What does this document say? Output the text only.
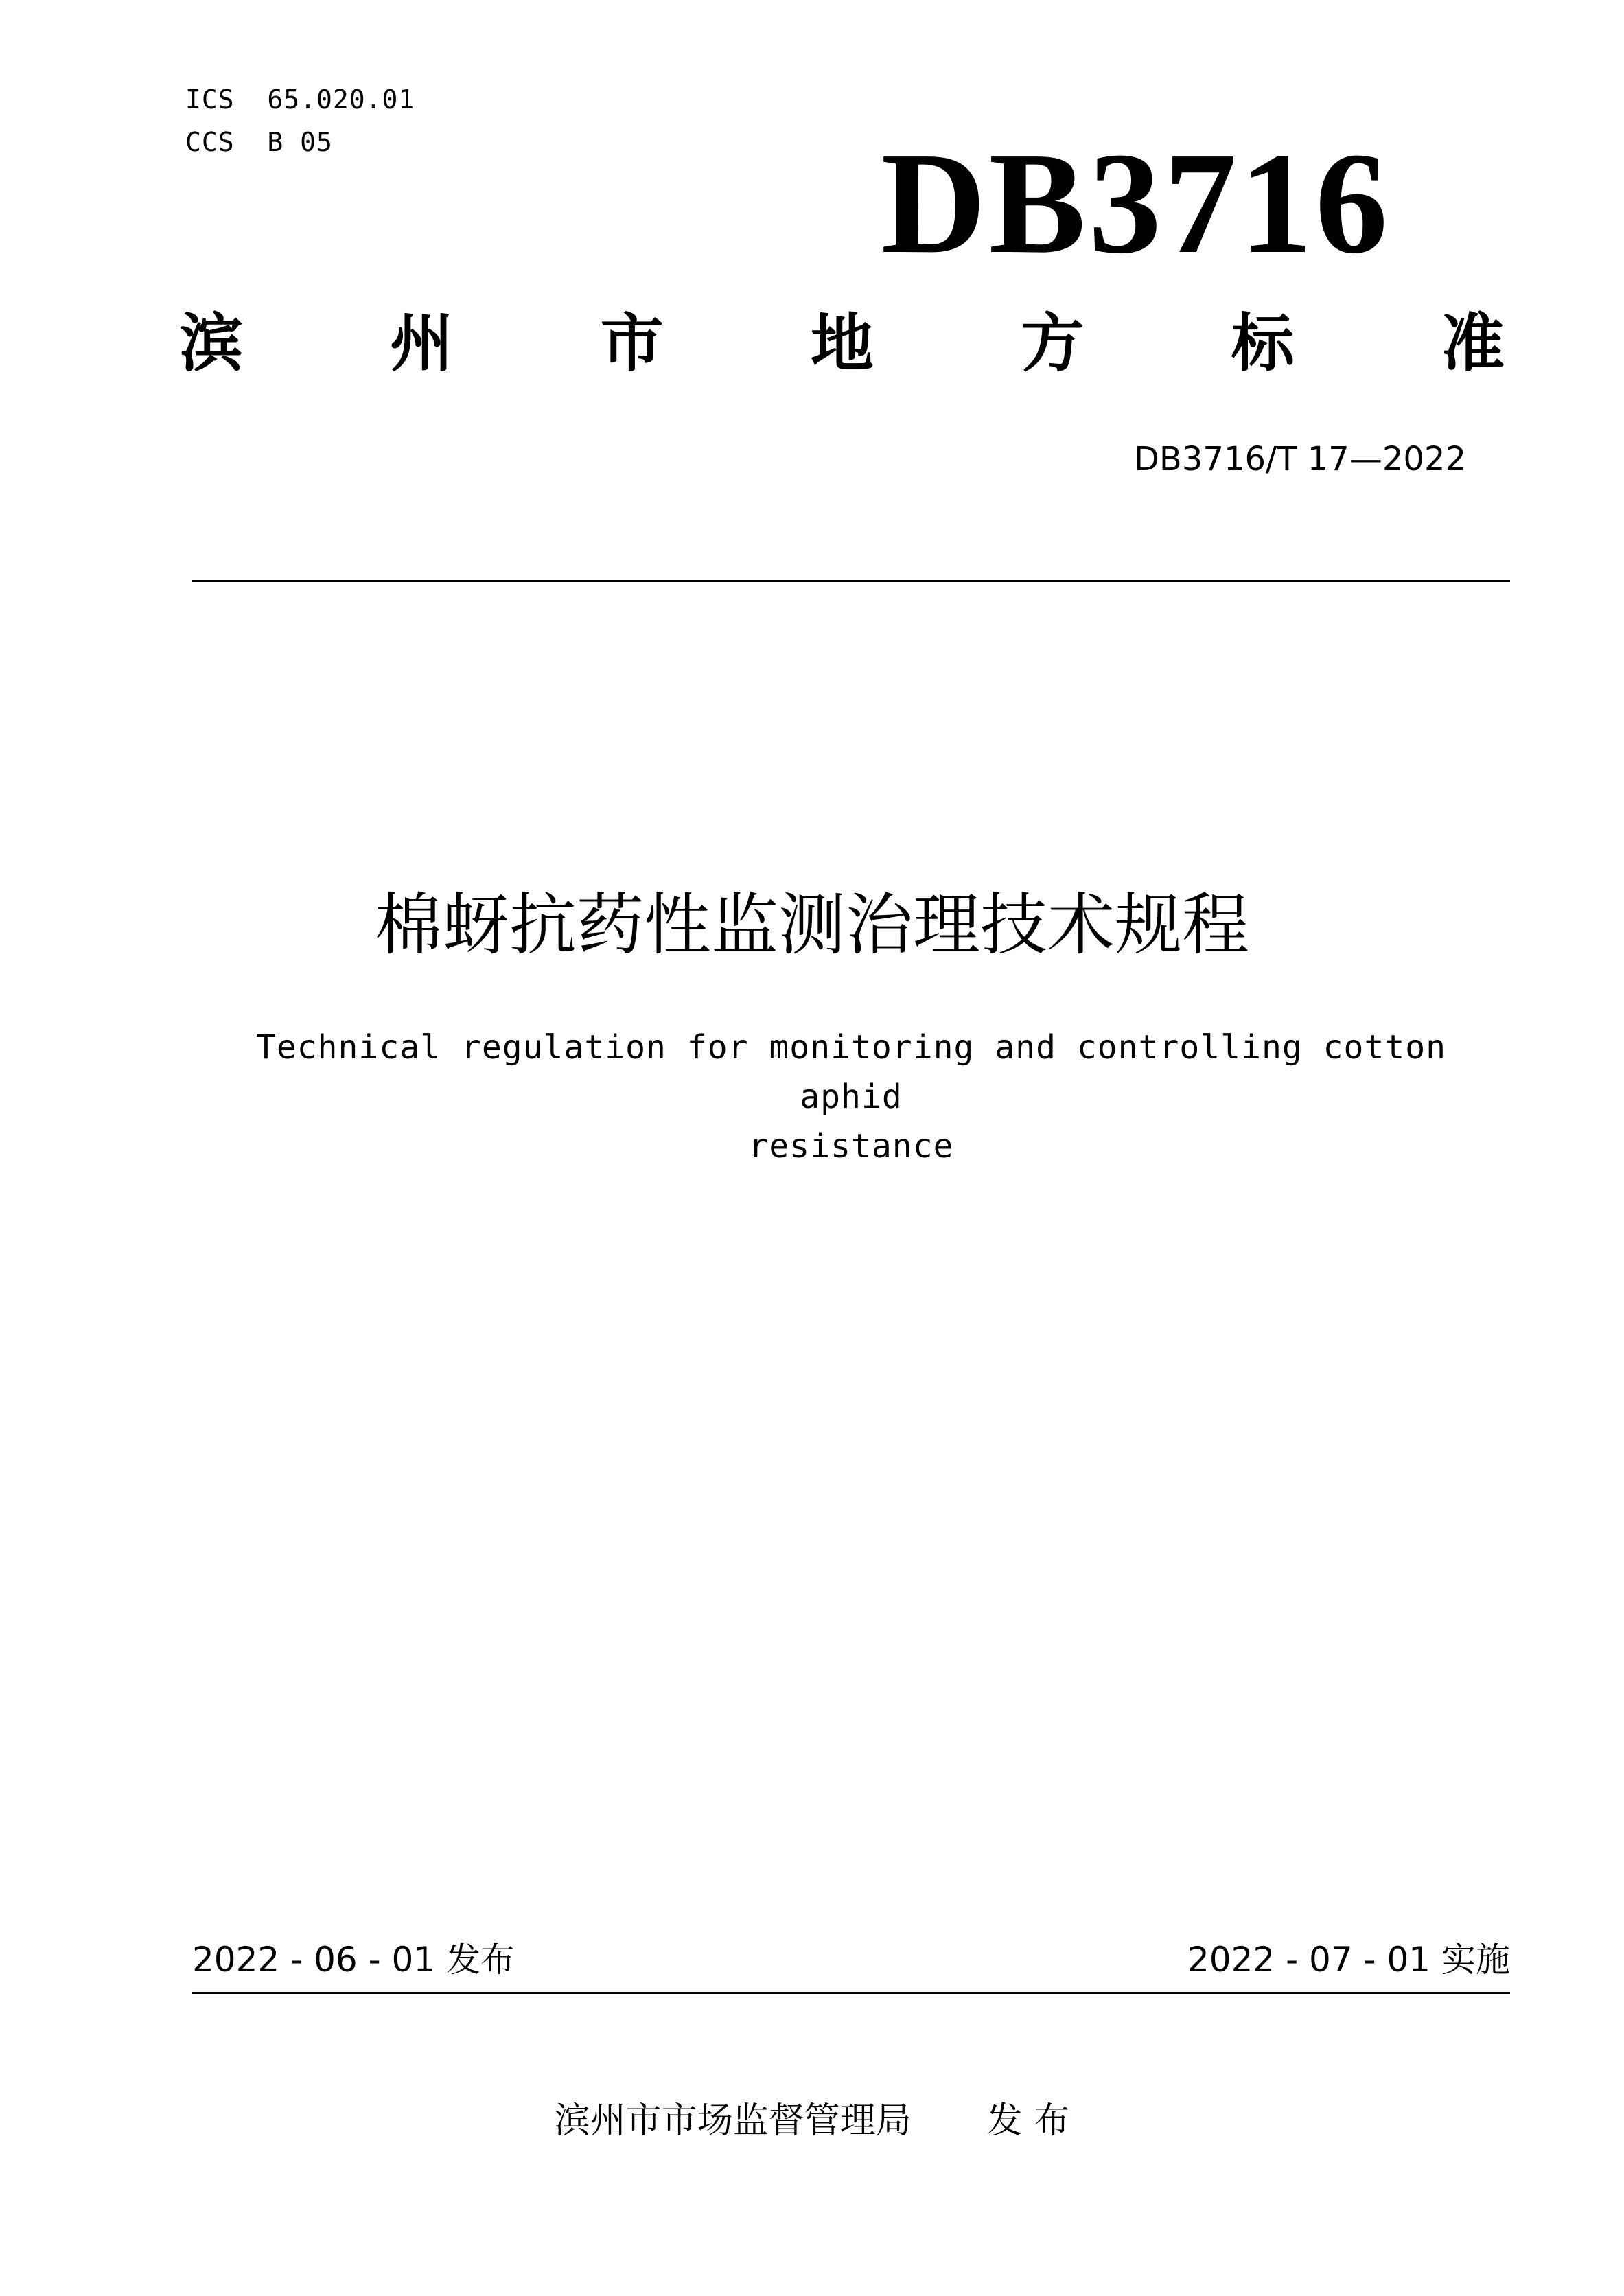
ICS  65.020.01
CCS  B 05	DB3716
滨 州 市 地 方 标 准
DB3716/T 17—2022
棉蚜抗药性监测治理技术规程
Technical regulation for monitoring and controlling cotton aphid
resistance
2022 - 06 - 01 发布	2022 - 07 - 01 实施
滨州市市场监督管理局 发 布
